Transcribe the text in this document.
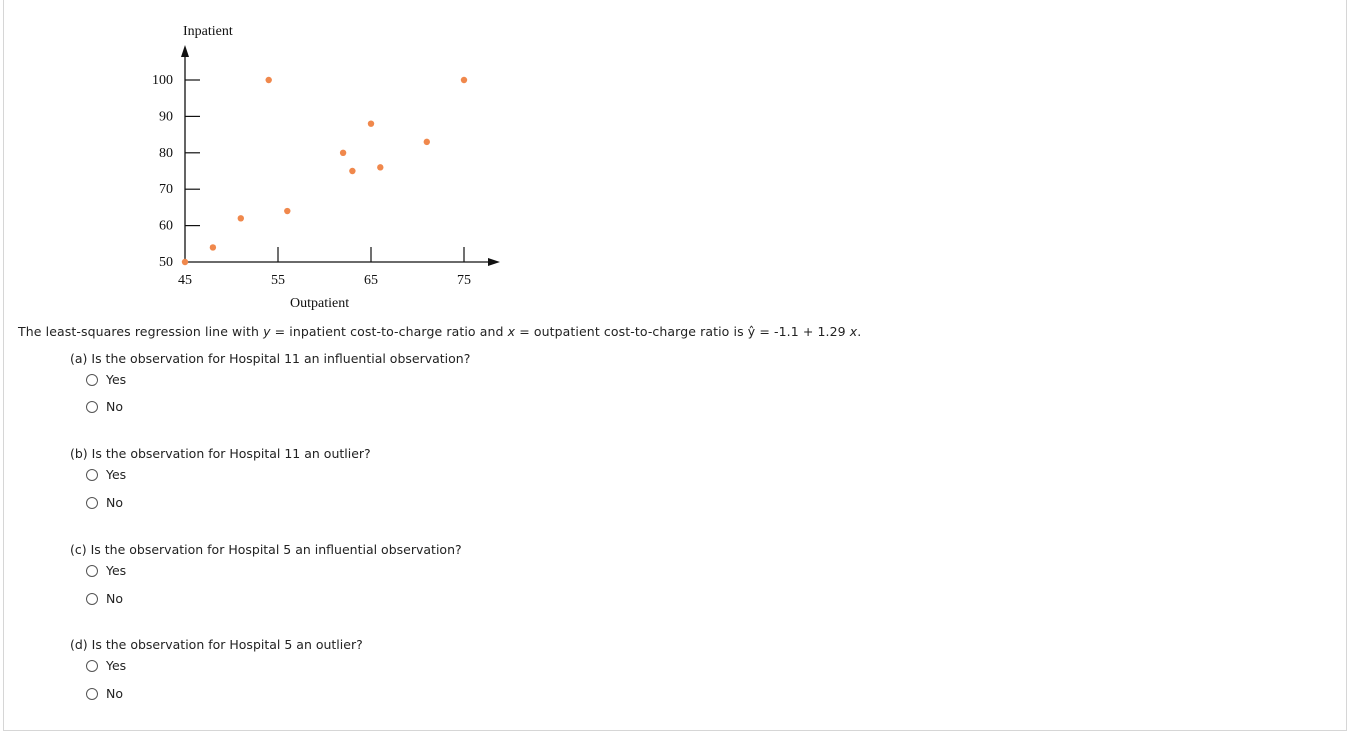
50
60
70
80
90
100
45	55	65	75
Inpatient
Outpatient
The least-squares regression line with y = inpatient cost-to-charge ratio and x = outpatient cost-to-charge ratio is ŷ = -1.1 + 1.29 x.
(a) Is the observation for Hospital 11 an influential observation?
Yes
No
(b) Is the observation for Hospital 11 an outlier?
Yes
No
(c) Is the observation for Hospital 5 an influential observation?
Yes
No
(d) Is the observation for Hospital 5 an outlier?
Yes
No
